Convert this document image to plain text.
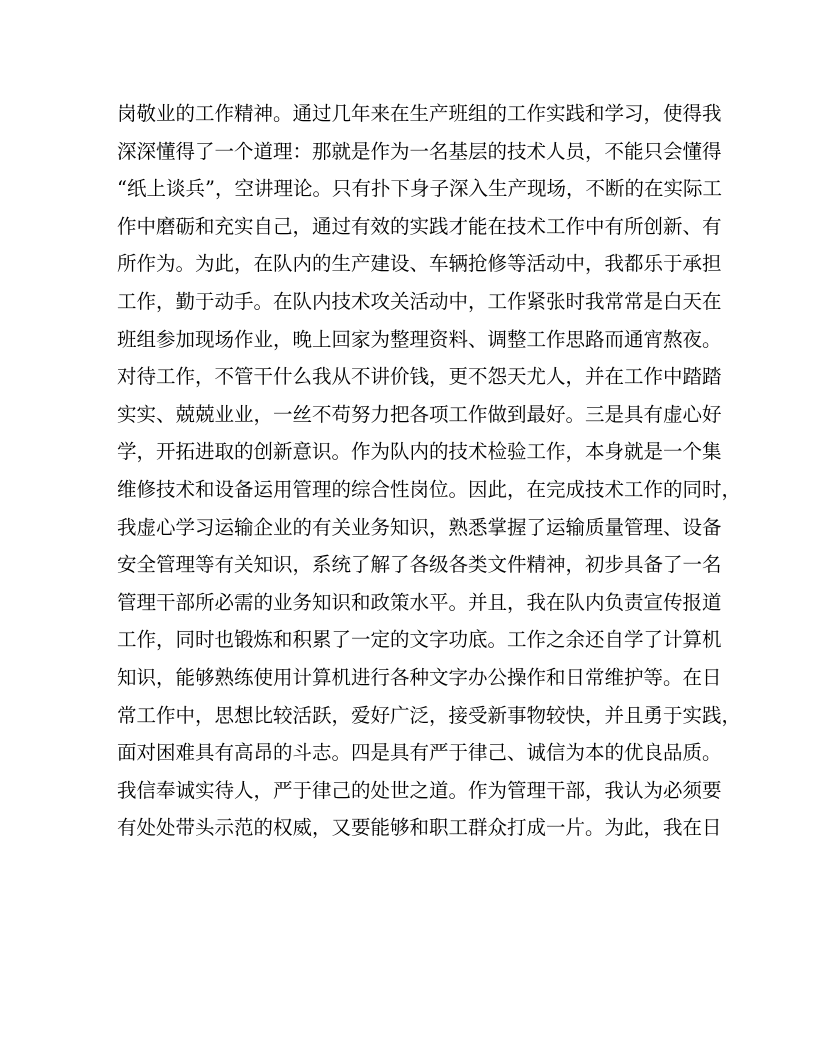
岗敬业的工作精神。通过几年来在生产班组的工作实践和学习，使得我
深深懂得了一个道理：那就是作为一名基层的技术人员，不能只会懂得
“纸上谈兵”，空讲理论。只有扑下身子深入生产现场，不断的在实际工
作中磨砺和充实自己，通过有效的实践才能在技术工作中有所创新、有
所作为。为此，在队内的生产建设、车辆抢修等活动中，我都乐于承担
工作，勤于动手。在队内技术攻关活动中，工作紧张时我常常是白天在
班组参加现场作业，晚上回家为整理资料、调整工作思路而通宵熬夜。
对待工作，不管干什么我从不讲价钱，更不怨天尤人，并在工作中踏踏
实实、兢兢业业，一丝不苟努力把各项工作做到最好。三是具有虚心好
学，开拓进取的创新意识。作为队内的技术检验工作，本身就是一个集
维修技术和设备运用管理的综合性岗位。因此，在完成技术工作的同时，
我虚心学习运输企业的有关业务知识，熟悉掌握了运输质量管理、设备
安全管理等有关知识，系统了解了各级各类文件精神，初步具备了一名
管理干部所必需的业务知识和政策水平。并且，我在队内负责宣传报道
工作，同时也锻炼和积累了一定的文字功底。工作之余还自学了计算机
知识，能够熟练使用计算机进行各种文字办公操作和日常维护等。在日
常工作中，思想比较活跃，爱好广泛，接受新事物较快，并且勇于实践，
面对困难具有高昂的斗志。四是具有严于律己、诚信为本的优良品质。
我信奉诚实待人，严于律己的处世之道。作为管理干部，我认为必须要
有处处带头示范的权威，又要能够和职工群众打成一片。为此，我在日
